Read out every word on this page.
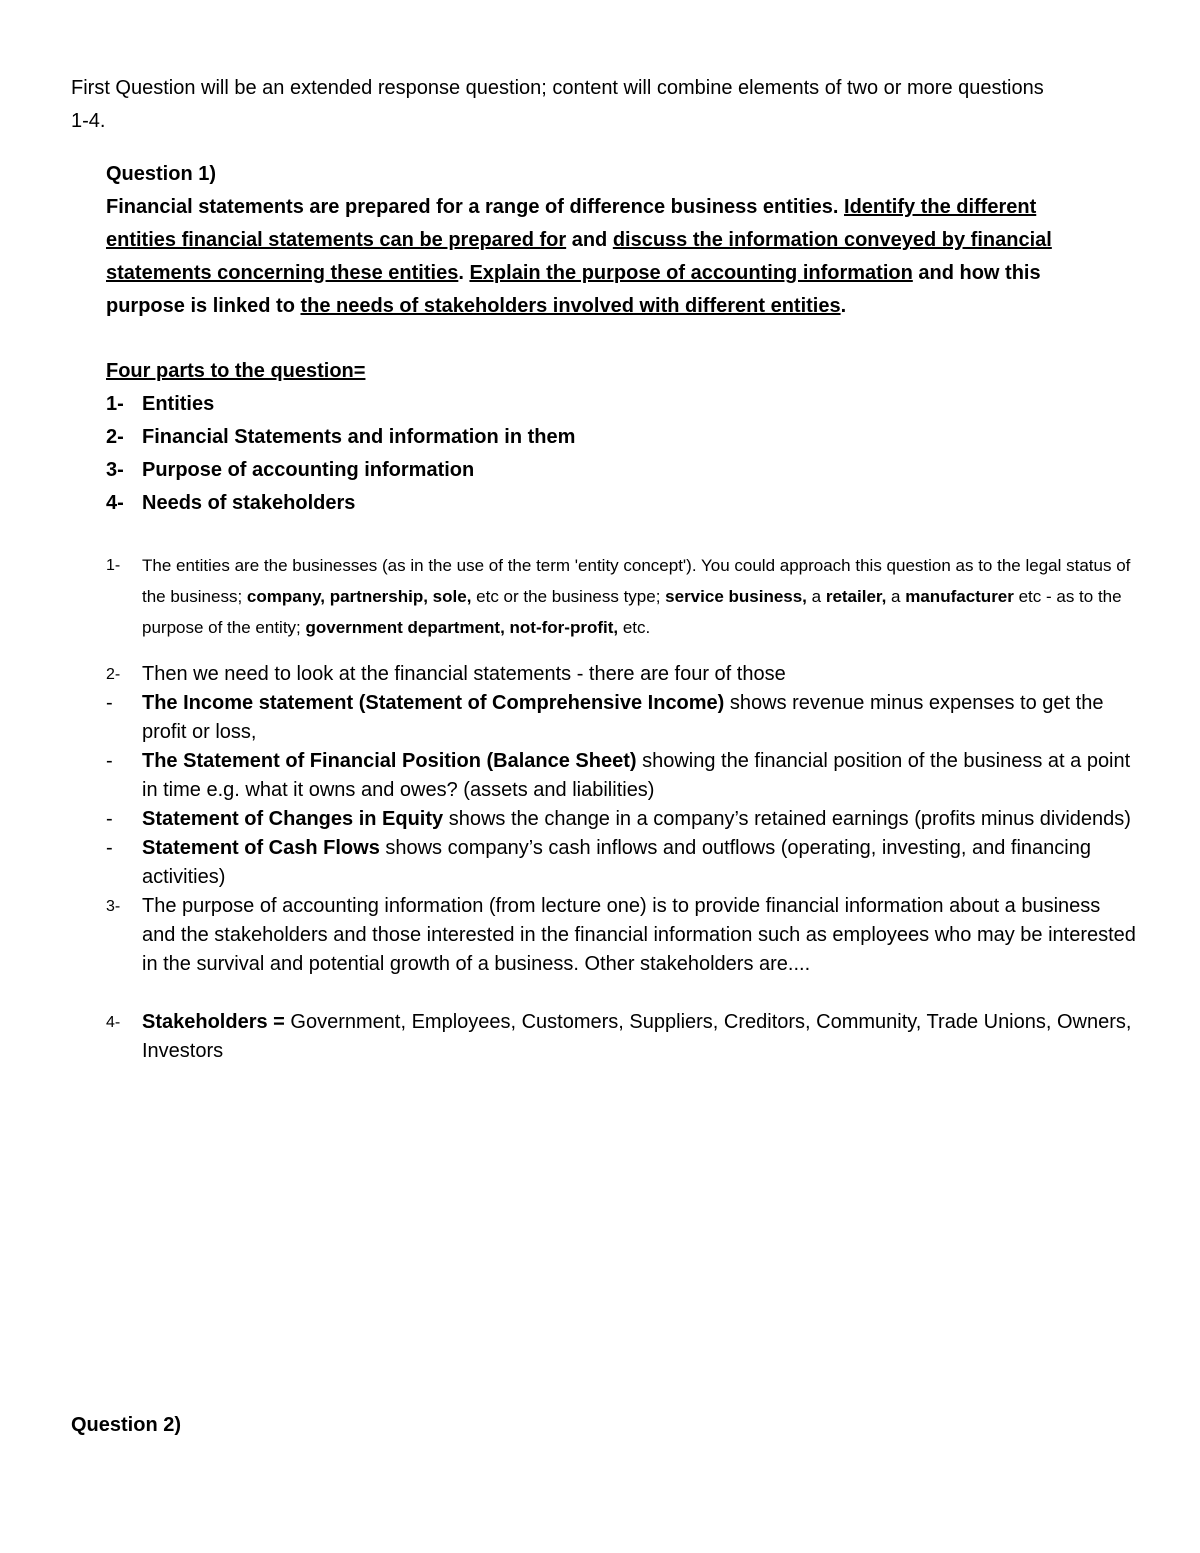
First Question will be an extended response question; content will combine elements of two or more questions
1-4.
Question 1)
Financial statements are prepared for a range of difference business entities. Identify the different entities financial statements can be prepared for and discuss the information conveyed by financial statements concerning these entities. Explain the purpose of accounting information and how this purpose is linked to the needs of stakeholders involved with different entities.
Four parts to the question=
1- Entities
2- Financial Statements and information in them
3- Purpose of accounting information
4- Needs of stakeholders
1-	The entities are the businesses (as in the use of the term 'entity concept'). You could approach this question as to the legal status of the business; company, partnership, sole, etc or the business type; service business, a retailer, a manufacturer etc - as to the purpose of the entity; government department, not-for-profit, etc.
2-	Then we need to look at the financial statements - there are four of those
-	The Income statement (Statement of Comprehensive Income) shows revenue minus expenses to get the profit or loss,
-	The Statement of Financial Position (Balance Sheet) showing the financial position of the business at a point in time e.g. what it owns and owes? (assets and liabilities)
-	Statement of Changes in Equity shows the change in a company’s retained earnings (profits minus dividends)
-	Statement of Cash Flows shows company’s cash inflows and outflows (operating, investing, and financing activities)
3-	The purpose of accounting information (from lecture one) is to provide financial information about a business and the stakeholders and those interested in the financial information such as employees who may be interested in the survival and potential growth of a business. Other stakeholders are....
4-	Stakeholders = Government, Employees, Customers, Suppliers, Creditors, Community, Trade Unions, Owners, Investors
Question 2)
